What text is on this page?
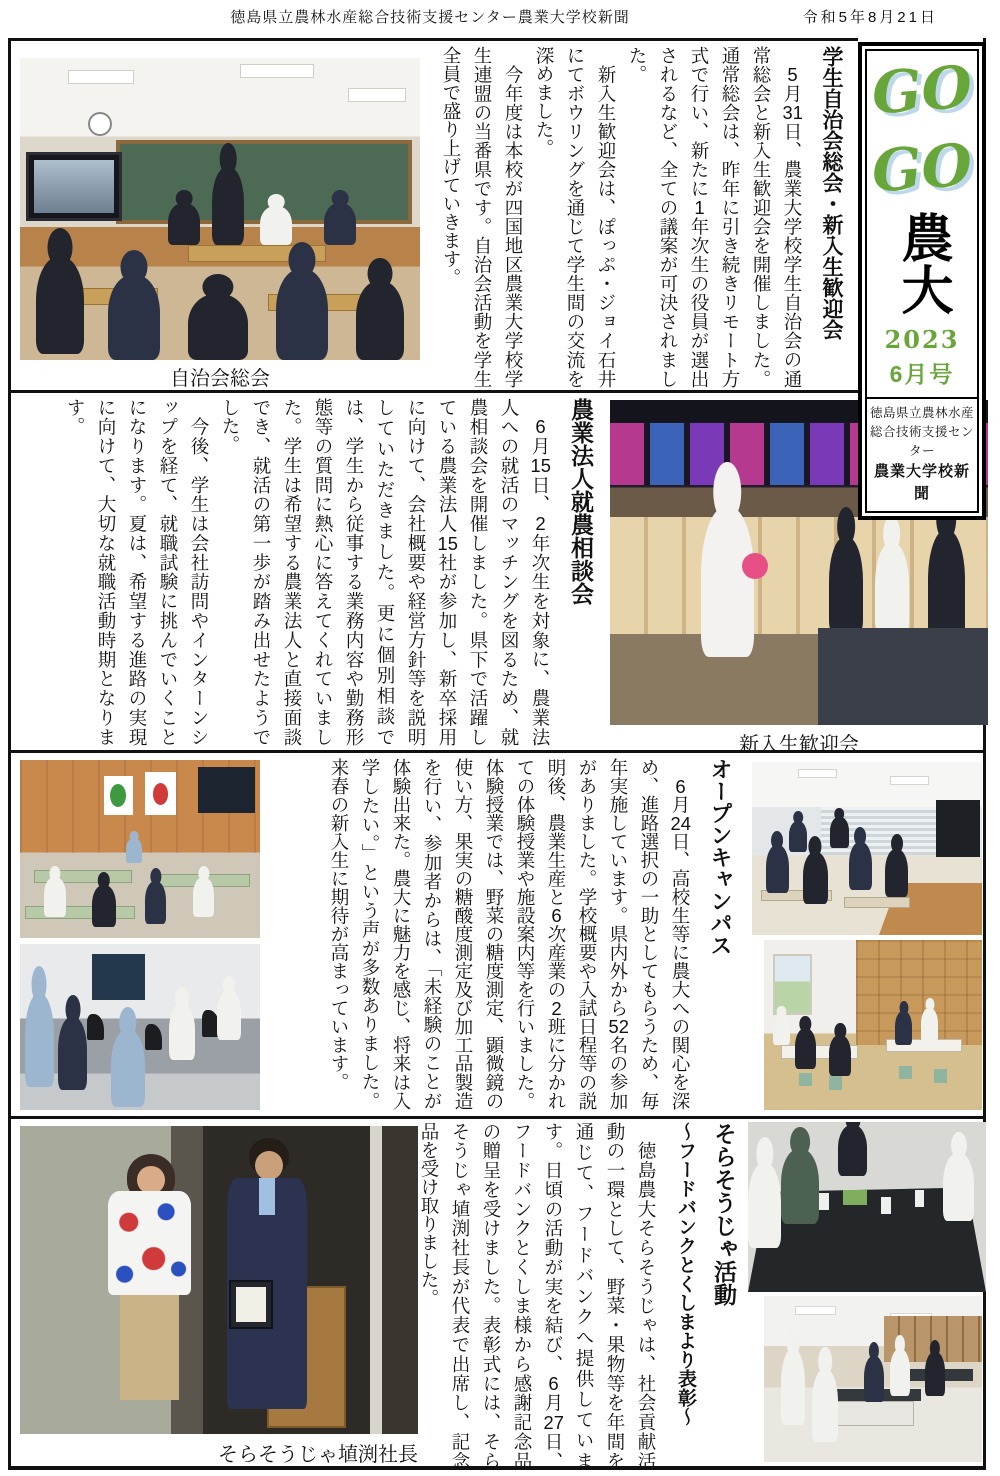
徳島県立農林水産総合技術支援センター農業大学校新聞	令和5年8月21日
GO
GO
農大
2023
6月号
徳島県立農林水産
総合技術支援センター
農業大学校新聞
自治会総会
学生自治会総会・新入生歓迎会

　5月31日、農業大学校学生自治会の通常総会と新入生歓迎会を開催しました。通常総会は、昨年に引き続きリモート方式で行い、新たに1年次生の役員が選出されるなど、全ての議案が可決されました。

　新入生歓迎会は、ぽっぷ・ジョイ石井にてボウリングを通じて学生間の交流を深めました。

　今年度は本校が四国地区農業大学校学生連盟の当番県です。自治会活動を学生全員で盛り上げていきます。

農業法人就農相談会

　6月15日、2年次生を対象に、農業法人への就活のマッチングを図るため、就農相談会を開催しました。県下で活躍している農業法人15社が参加し、新卒採用に向けて、会社概要や経営方針等を説明していただきました。更に個別相談では、学生から従事する業務内容や勤務形態等の質問に熱心に答えてくれていました。学生は希望する農業法人と直接面談でき、就活の第一歩が踏み出せたようでした。

　今後、学生は会社訪問やインターンシップを経て、就職試験に挑んでいくことになります。夏は、希望する進路の実現に向けて、大切な就職活動時期となります。

新入生歓迎会
オープンキャンパス

　6月24日、高校生等に農大への関心を深め、進路選択の一助としてもらうため、毎年実施しています。県内外から52名の参加がありました。学校概要や入試日程等の説明後、農業生産と6次産業の2班に分かれての体験授業や施設案内等を行いました。体験授業では、野菜の糖度測定、顕微鏡の使い方、果実の糖酸度測定及び加工品製造を行い、参加者からは、「未経験のことが体験出来た。農大に魅力を感じ、将来は入学したい。」という声が多数ありました。来春の新入生に期待が高まっています。

そらそうじゃ埴渕社長
そらそうじゃ活動
〜フードバンクとくしまより表彰〜

　徳島農大そらそうじゃは、社会貢献活動の一環として、野菜・果物等を年間を通じて、フードバンクへ提供しています。日頃の活動が実を結び、6月27日、フードバンクとくしま様から感謝記念品の贈呈を受けました。表彰式には、そらそうじゃ埴渕社長が代表で出席し、記念品を受け取りました。
